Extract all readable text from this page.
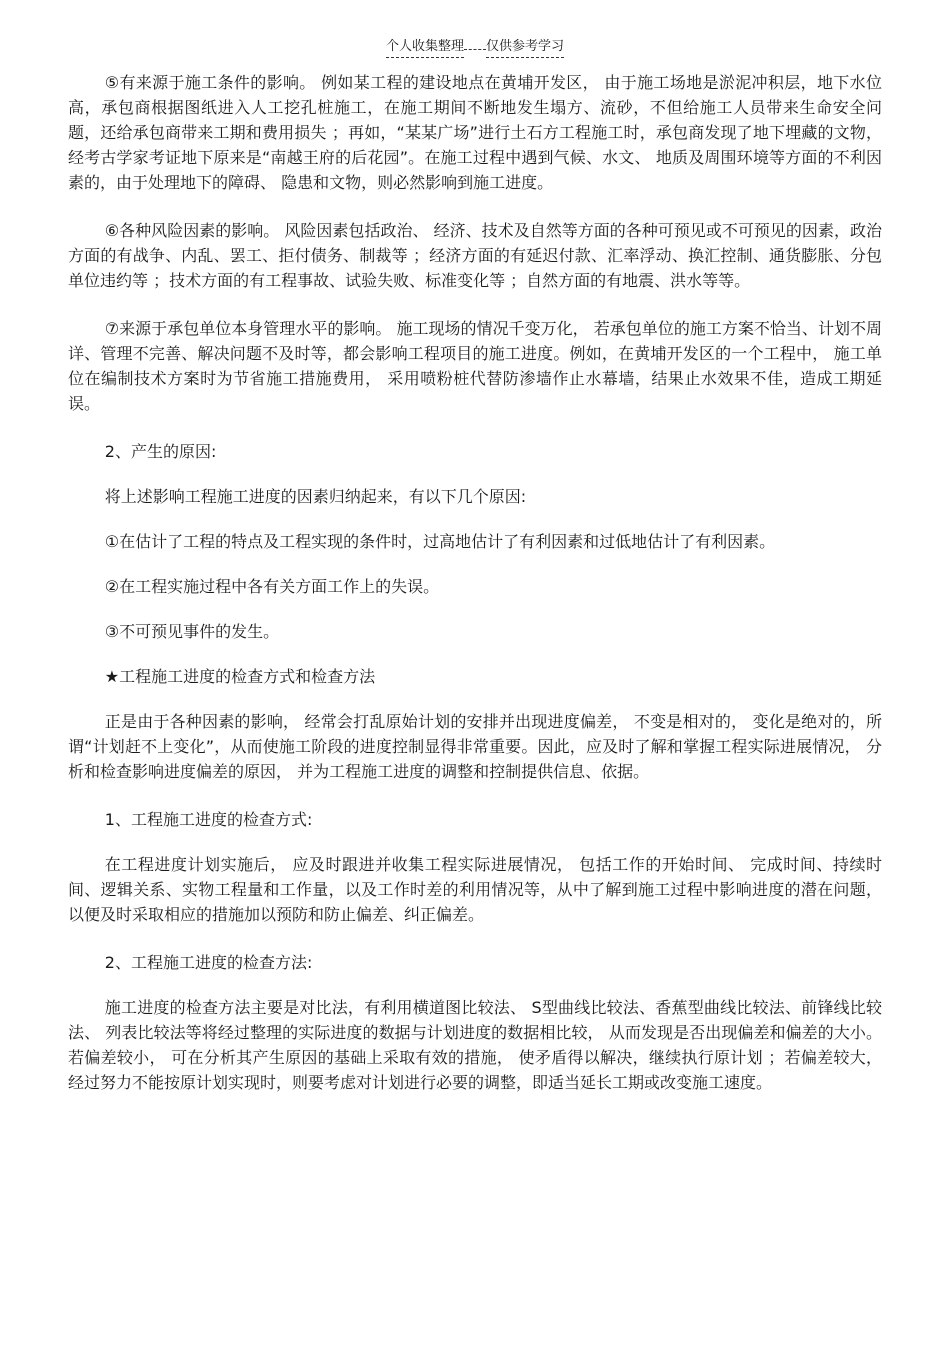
个人收集整理 仅供参考学习

⑤有来源于施工条件的影响。 例如某工程的建设地点在黄埔开发区， 由于施工场地是淤泥冲积层，地下水位高，承包商根据图纸进入人工挖孔桩施工，在施工期间不断地发生塌方、流砂，不但给施工人员带来生命安全问题，还给承包商带来工期和费用损失 ；再如，“某某广场”进行土石方工程施工时，承包商发现了地下埋藏的文物，经考古学家考证地下原来是“南越王府的后花园”。在施工过程中遇到气候、水文、 地质及周围环境等方面的不利因素的，由于处理地下的障碍、 隐患和文物，则必然影响到施工进度。

⑥各种风险因素的影响。 风险因素包括政治、 经济、技术及自然等方面的各种可预见或不可预见的因素，政治方面的有战争、内乱、罢工、拒付债务、制裁等 ；经济方面的有延迟付款、汇率浮动、换汇控制、通货膨胀、分包单位违约等 ；技术方面的有工程事故、试验失败、标准变化等 ；自然方面的有地震、洪水等等。

⑦来源于承包单位本身管理水平的影响。 施工现场的情况千变万化， 若承包单位的施工方案不恰当、计划不周详、管理不完善、解决问题不及时等，都会影响工程项目的施工进度。例如，在黄埔开发区的一个工程中， 施工单位在编制技术方案时为节省施工措施费用， 采用喷粉桩代替防渗墙作止水幕墙，结果止水效果不佳，造成工期延误。

2、产生的原因:

将上述影响工程施工进度的因素归纳起来，有以下几个原因:

①在估计了工程的特点及工程实现的条件时，过高地估计了有利因素和过低地估计了有利因素。

②在工程实施过程中各有关方面工作上的失误。

③不可预见事件的发生。

★工程施工进度的检查方式和检查方法

正是由于各种因素的影响， 经常会打乱原始计划的安排并出现进度偏差， 不变是相对的， 变化是绝对的，所谓“计划赶不上变化”，从而使施工阶段的进度控制显得非常重要。因此，应及时了解和掌握工程实际进展情况， 分析和检查影响进度偏差的原因， 并为工程施工进度的调整和控制提供信息、依据。

1、工程施工进度的检查方式:

在工程进度计划实施后， 应及时跟进并收集工程实际进展情况， 包括工作的开始时间、 完成时间、持续时间、逻辑关系、实物工程量和工作量，以及工作时差的利用情况等，从中了解到施工过程中影响进度的潜在问题，以便及时采取相应的措施加以预防和防止偏差、纠正偏差。

2、工程施工进度的检查方法:

施工进度的检查方法主要是对比法，有利用横道图比较法、 S型曲线比较法、香蕉型曲线比较法、前锋线比较法、 列表比较法等将经过整理的实际进度的数据与计划进度的数据相比较， 从而发现是否出现偏差和偏差的大小。 若偏差较小， 可在分析其产生原因的基础上采取有效的措施， 使矛盾得以解决，继续执行原计划 ；若偏差较大，经过努力不能按原计划实现时，则要考虑对计划进行必要的调整，即适当延长工期或改变施工速度。
